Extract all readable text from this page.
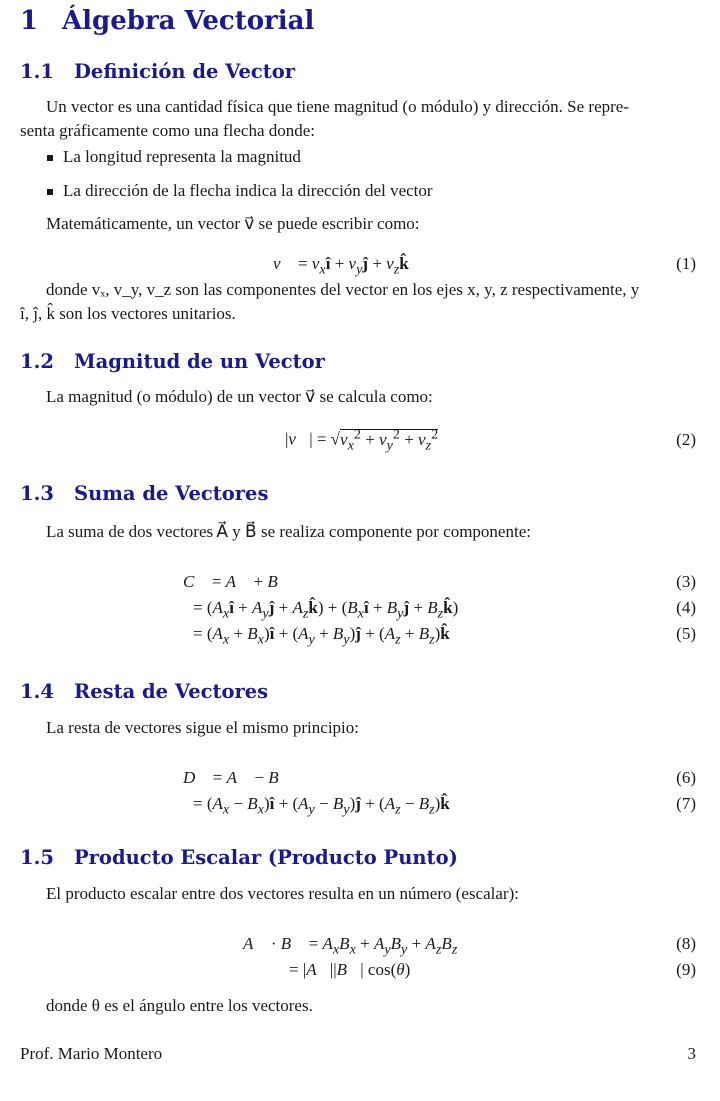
1 Álgebra Vectorial
1.1 Definición de Vector
Un vector es una cantidad física que tiene magnitud (o módulo) y dirección. Se repre-
senta gráficamente como una flecha donde:
La longitud representa la magnitud
La dirección de la flecha indica la dirección del vector
Matemáticamente, un vector v⃗ se puede escribir como:
v⃗ = $v_xî$ + $v_yĵ$ + $v_zk̂$	(1)
donde vₓ, v_y, v_z son las componentes del vector en los ejes x, y, z respectivamente, y
î, ĵ, k̂ son los vectores unitarios.
1.2 Magnitud de un Vector
La magnitud (o módulo) de un vector v⃗ se calcula como:
|v⃗| = $√v_x^2 + v_y^2 + v_z^2$	(2)
1.3 Suma de Vectores
La suma de dos vectores A⃗ y B⃗ se realiza componente por componente:
C⃗ = A⃗ + B⃗	(3)
= ($A_xî$ + $A_yĵ$ + $A_zk̂$) + ($B_xî$ + $B_yĵ$ + $B_zk̂$)	(4)
= ($A_x$ + $B_x)î + (A_y$ + $B_y)ĵ + (A_z$ + $B_z)k̂$	(5)
1.4 Resta de Vectores
La resta de vectores sigue el mismo principio:
D⃗ = A⃗ − B⃗	(6)
= ($A_x$ − $B_x)î + (A_y$ − $B_y)ĵ + (A_z$ − $B_z)k̂$	(7)
1.5 Producto Escalar (Producto Punto)
El producto escalar entre dos vectores resulta en un número (escalar):
A⃗ · B⃗ = $A_xB_x + A_yB_y + A_zB_z$	(8)
= |A⃗||B⃗| cos(θ)	(9)
donde θ es el ángulo entre los vectores.
Prof. Mario Montero	3
